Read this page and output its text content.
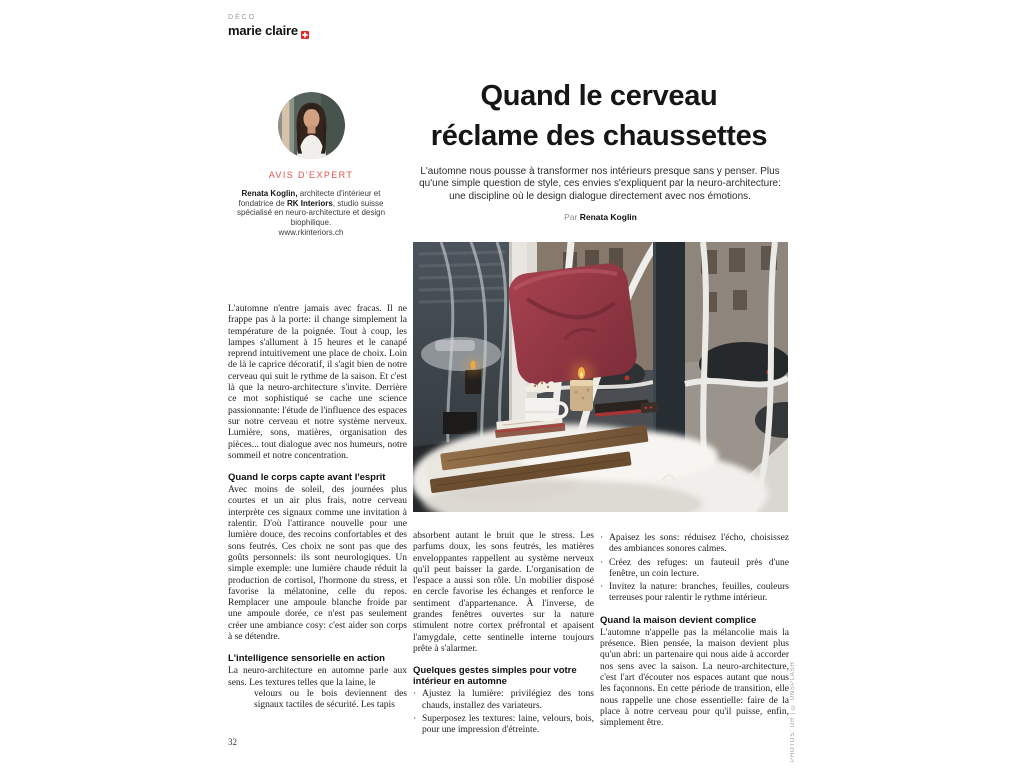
DÉCO
marie claire
AVIS D'EXPERT
Renata Koglin, architecte d'intérieur et fondatrice de RK Interiors, studio suisse spécialisé en neuro-architecture et design biophilique.
www.rkinteriors.ch
Quand le cerveau
réclame des chaussettes
L'automne nous pousse à transformer nos intérieurs presque sans y penser. Plus qu'une simple question de style, ces envies s'expliquent par la neuro-architecture: une discipline où le design dialogue directement avec nos émotions.
Par Renata Koglin

L'automne n'entre jamais avec fracas. Il ne frappe pas à la porte: il change simplement la température de la poignée. Tout à coup, les lampes s'allument à 15 heures et le canapé reprend intuitivement une place de choix. Loin de là le caprice décoratif, il s'agit bien de notre cerveau qui suit le rythme de la saison. Et c'est là que la neuro-architecture s'invite. Derrière ce mot sophistiqué se cache une science passionnante: l'étude de l'influence des espaces sur notre cerveau et notre système nerveux. Lumière, sons, matières, organisation des pièces... tout dialogue avec nos humeurs, notre sommeil et notre concentration.

Quand le corps capte avant l'esprit

Avec moins de soleil, des journées plus courtes et un air plus frais, notre cerveau interprète ces signaux comme une invitation à ralentir. D'où l'attirance nouvelle pour une lumière douce, des recoins confortables et des sons feutrés. Ces choix ne sont pas que des goûts personnels: ils sont neurologiques. Un simple exemple: une lumière chaude réduit la production de cortisol, l'hormone du stress, et favorise la mélatonine, celle du repos. Remplacer une ampoule blanche froide par une ampoule dorée, ce n'est pas seulement créer une ambiance cosy: c'est aider son corps à se détendre.

L'intelligence sensorielle en action

La neuro-architecture en automne parle aux sens. Les textures telles que la laine, le

velours ou le bois deviennent des signaux tactiles de sécurité. Les tapis

absorbent autant le bruit que le stress. Les parfums doux, les sons feutrés, les matières enveloppantes rappellent au système nerveux qu'il peut baisser la garde. L'organisation de l'espace a aussi son rôle. Un mobilier disposé en cercle favorise les échanges et renforce le sentiment d'appartenance. À l'inverse, de grandes fenêtres ouvertes sur la nature stimulent notre cortex préfrontal et apaisent l'amygdale, cette sentinelle interne toujours prête à s'alarmer.

Quelques gestes simples pour votre intérieur en automne
· Ajustez la lumière: privilégiez des tons chauds, installez des variateurs.
· Superposez les textures: laine, velours, bois, pour une impression d'étreinte.
· Apaisez les sons: réduisez l'écho, choisissez des ambiances sonores calmes.
· Créez des refuges: un fauteuil près d'une fenêtre, un coin lecture.
· Invitez la nature: branches, feuilles, couleurs terreuses pour ralentir le rythme intérieur.
Quand la maison devient complice

L'automne n'appelle pas la mélancolie mais la présence. Bien pensée, la maison devient plus qu'un abri: un partenaire qui nous aide à accorder nos sens avec la saison. La neuro-architecture, c'est l'art d'écouter nos espaces autant que nous les façonnons. En cette période de transition, elle nous rappelle une chose essentielle: faire de la place à notre cerveau pour qu'il puisse, enfin, simplement être.

32	PHOTOS: DR | © UNSPLASH
